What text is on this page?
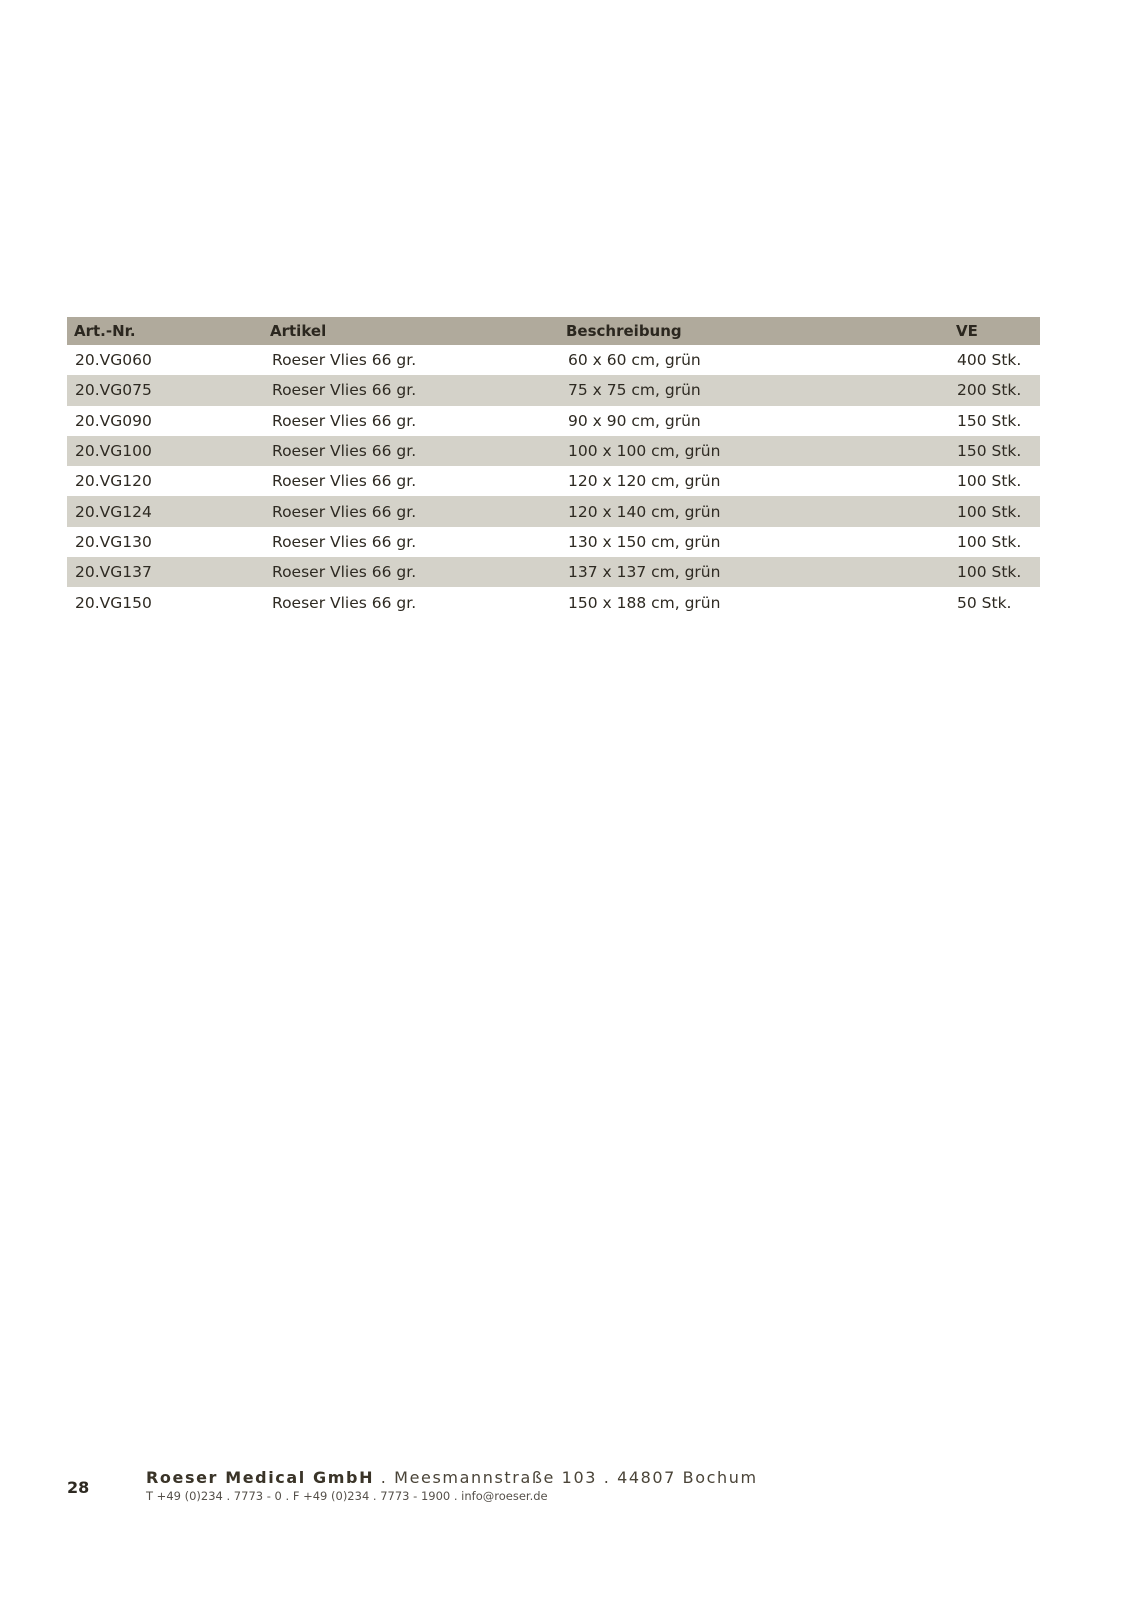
Art.-Nr.	Artikel	Beschreibung	VE
20.VG060	Roeser Vlies 66 gr.	60 x 60 cm, grün	400 Stk.
20.VG075	Roeser Vlies 66 gr.	75 x 75 cm, grün	200 Stk.
20.VG090	Roeser Vlies 66 gr.	90 x 90 cm, grün	150 Stk.
20.VG100	Roeser Vlies 66 gr.	100 x 100 cm, grün	150 Stk.
20.VG120	Roeser Vlies 66 gr.	120 x 120 cm, grün	100 Stk.
20.VG124	Roeser Vlies 66 gr.	120 x 140 cm, grün	100 Stk.
20.VG130	Roeser Vlies 66 gr.	130 x 150 cm, grün	100 Stk.
20.VG137	Roeser Vlies 66 gr.	137 x 137 cm, grün	100 Stk.
20.VG150	Roeser Vlies 66 gr.	150 x 188 cm, grün	50 Stk.
28
Roeser Medical GmbH . Meesmannstraße 103 . 44807 Bochum
T +49 (0)234 . 7773 - 0 . F +49 (0)234 . 7773 - 1900 . info@roeser.de
